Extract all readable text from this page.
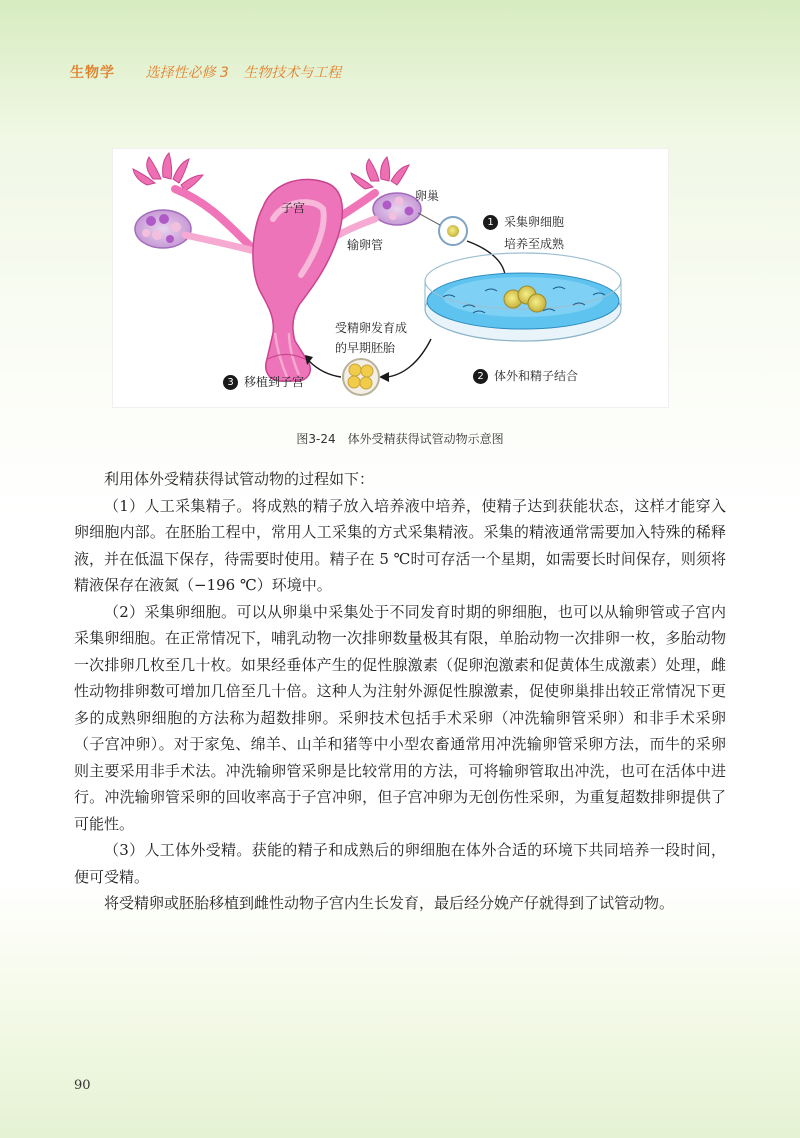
生物学 选择性必修 3 生物技术与工程
子宫
卵巢
输卵管
1 采集卵细胞
培养至成熟
2 体外和精子结合
受精卵发育成
的早期胚胎
3 移植到子宫
图3-24　体外受精获得试管动物示意图

利用体外受精获得试管动物的过程如下：

（1）人工采集精子。将成熟的精子放入培养液中培养，使精子达到获能状态，这样才能穿入卵细胞内部。在胚胎工程中，常用人工采集的方式采集精液。采集的精液通常需要加入特殊的稀释液，并在低温下保存，待需要时使用。精子在 5 ℃时可存活一个星期，如需要长时间保存，则须将精液保存在液氮（−196 ℃）环境中。

（2）采集卵细胞。可以从卵巢中采集处于不同发育时期的卵细胞，也可以从输卵管或子宫内采集卵细胞。在正常情况下，哺乳动物一次排卵数量极其有限，单胎动物一次排卵一枚，多胎动物一次排卵几枚至几十枚。如果经垂体产生的促性腺激素（促卵泡激素和促黄体生成激素）处理，雌性动物排卵数可增加几倍至几十倍。这种人为注射外源促性腺激素，促使卵巢排出较正常情况下更多的成熟卵细胞的方法称为超数排卵。采卵技术包括手术采卵（冲洗输卵管采卵）和非手术采卵（子宫冲卵）。对于家兔、绵羊、山羊和猪等中小型农畜通常用冲洗输卵管采卵方法，而牛的采卵则主要采用非手术法。冲洗输卵管采卵是比较常用的方法，可将输卵管取出冲洗，也可在活体中进行。冲洗输卵管采卵的回收率高于子宫冲卵，但子宫冲卵为无创伤性采卵，为重复超数排卵提供了可能性。

（3）人工体外受精。获能的精子和成熟后的卵细胞在体外合适的环境下共同培养一段时间，便可受精。

将受精卵或胚胎移植到雌性动物子宫内生长发育，最后经分娩产仔就得到了试管动物。

90
